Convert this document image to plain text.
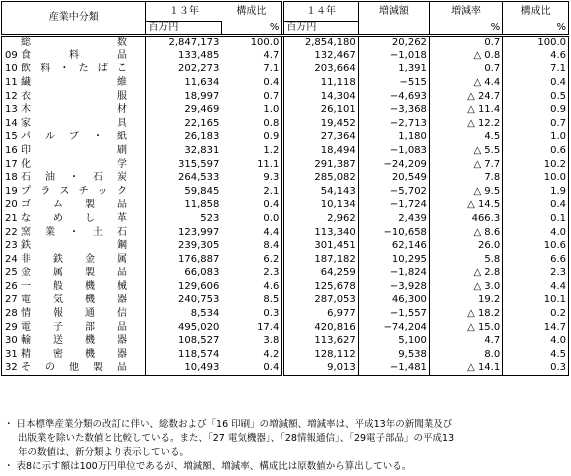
産業中分類	１３年	構成比	１４年	増減額	増減率	構成比
	百万円	%	百万円		%	%
総　　　数	2,847,173	100.0	2,854,180	20,262	0.7	100.0
09 食料品	133,485	4.7	132,467	−1,018	△ 0.8	4.6
10 飲料・たばこ	202,273	7.1	203,664	1,391	0.7	7.1
11 繊維	11,634	0.4	11,118	−515	△ 4.4	0.4
12 衣服	18,997	0.7	14,304	−4,693	△ 24.7	0.5
13 木材	29,469	1.0	26,101	−3,368	△ 11.4	0.9
14 家具	22,165	0.8	19,452	−2,713	△ 12.2	0.7
15 パルプ・紙	26,183	0.9	27,364	1,180	4.5	1.0
16 印刷	32,831	1.2	18,494	−1,083	△ 5.5	0.6
17 化学	315,597	11.1	291,387	−24,209	△ 7.7	10.2
18 石油・石炭	264,533	9.3	285,082	20,549	7.8	10.0
19 プラスチック	59,845	2.1	54,143	−5,702	△ 9.5	1.9
20 ゴム製品	11,858	0.4	10,134	−1,724	△ 14.5	0.4
21 なめし革	523	0.0	2,962	2,439	466.3	0.1
22 窯業・土石	123,997	4.4	113,340	−10,658	△ 8.6	4.0
23 鉄鋼	239,305	8.4	301,451	62,146	26.0	10.6
24 非鉄金属	176,887	6.2	187,182	10,295	5.8	6.6
25 金属製品	66,083	2.3	64,259	−1,824	△ 2.8	2.3
26 一般機械	129,606	4.6	125,678	−3,928	△ 3.0	4.4
27 電気機器	240,753	8.5	287,053	46,300	19.2	10.1
28 情報通信	8,534	0.3	6,977	−1,557	△ 18.2	0.2
29 電子部品	495,020	17.4	420,816	−74,204	△ 15.0	14.7
30 輸送機器	108,527	3.8	113,627	5,100	4.7	4.0
31 精密機器	118,574	4.2	128,112	9,538	8.0	4.5
32 その他製品	10,493	0.4	9,013	−1,481	△ 14.1	0.3

・ 日本標準産業分類の改訂に伴い、総数および「16 印刷」の増減額、増減率は、平成13年の新聞業及び

出版業を除いた数値と比較している。また、「27 電気機器」、「28情報通信」、「29電子部品」の平成13

年の数値は、新分類より表示している。

・ 表8に示す額は100万円単位であるが、増減額、増減率、構成比は原数値から算出している。
